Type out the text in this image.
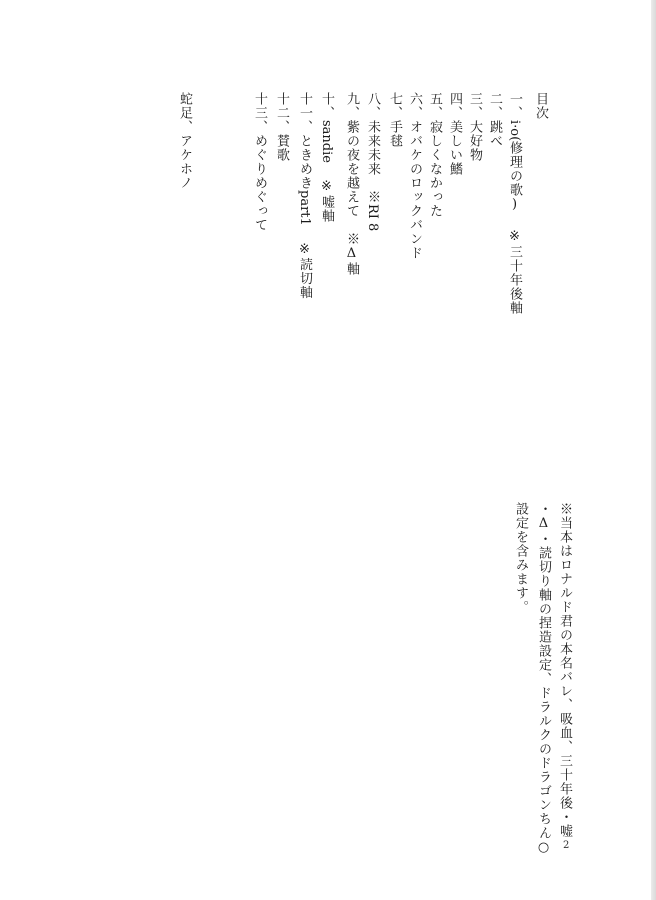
目次
一、i·o(修理の歌) ※三十年後軸
二、跳べ
三、大好物
四、美しい鰭
五、寂しくなかった
六、オバケのロックバンド
七、手毬
八、未来未来　※RI 8
九、紫の夜を越えて　※Δ軸
十、sandie ※嘘軸
十一、ときめきpart1 ※読切軸
十二、賛歌
十三、めぐりめぐって
蛇足、アケホノ
※当本はロナルド君の本名バレ、吸血、三十年後・嘘
・Δ・読切り軸の捏造設定、ドラルクのドラゴンちん○
設定を含みます。
2
